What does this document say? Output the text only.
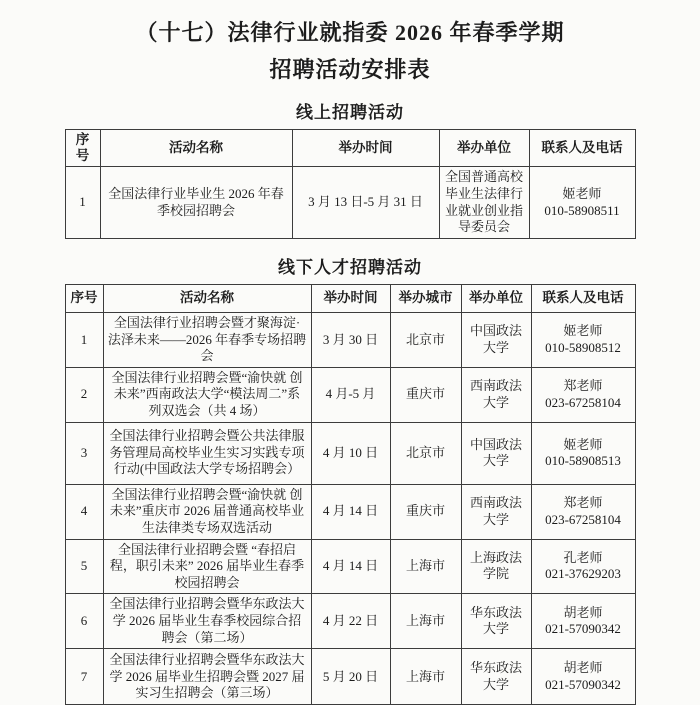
（十七）法律行业就指委 2026 年春季学期
招聘活动安排表
线上招聘活动
序号	活动名称	举办时间	举办单位	联系人及电话
1	全国法律行业毕业生 2026 年春季校园招聘会	3 月 13 日-5 月 31 日	全国普通高校毕业生法律行业就业创业指导委员会	姬老师
010-58908511
线下人才招聘活动
序号	活动名称	举办时间	举办城市	举办单位	联系人及电话
1	全国法律行业招聘会暨才聚海淀·法泽未来——2026 年春季专场招聘会	3 月 30 日	北京市	中国政法大学	姬老师
010-58908512

2	全国法律行业招聘会暨“渝快就 创未来”西南政法大学“模法周二”系列双选会（共 4 场）	4 月-5 月	重庆市	西南政法大学	郑老师
023-67258104

3	全国法律行业招聘会暨公共法律服务管理局高校毕业生实习实践专项行动(中国政法大学专场招聘会）	4 月 10 日	北京市	中国政法大学	姬老师
010-58908513

4	全国法律行业招聘会暨“渝快就 创未来”重庆市 2026 届普通高校毕业生法律类专场双选活动	4 月 14 日	重庆市	西南政法大学	郑老师
023-67258104

5	全国法律行业招聘会暨 “春招启程，职引未来” 2026 届毕业生春季校园招聘会	4 月 14 日	上海市	上海政法学院	孔老师
021-37629203

6	全国法律行业招聘会暨华东政法大学 2026 届毕业生春季校园综合招聘会（第二场）	4 月 22 日	上海市	华东政法大学	胡老师
021-57090342

7	全国法律行业招聘会暨华东政法大学 2026 届毕业生招聘会暨 2027 届实习生招聘会（第三场）	5 月 20 日	上海市	华东政法大学	胡老师
021-57090342
